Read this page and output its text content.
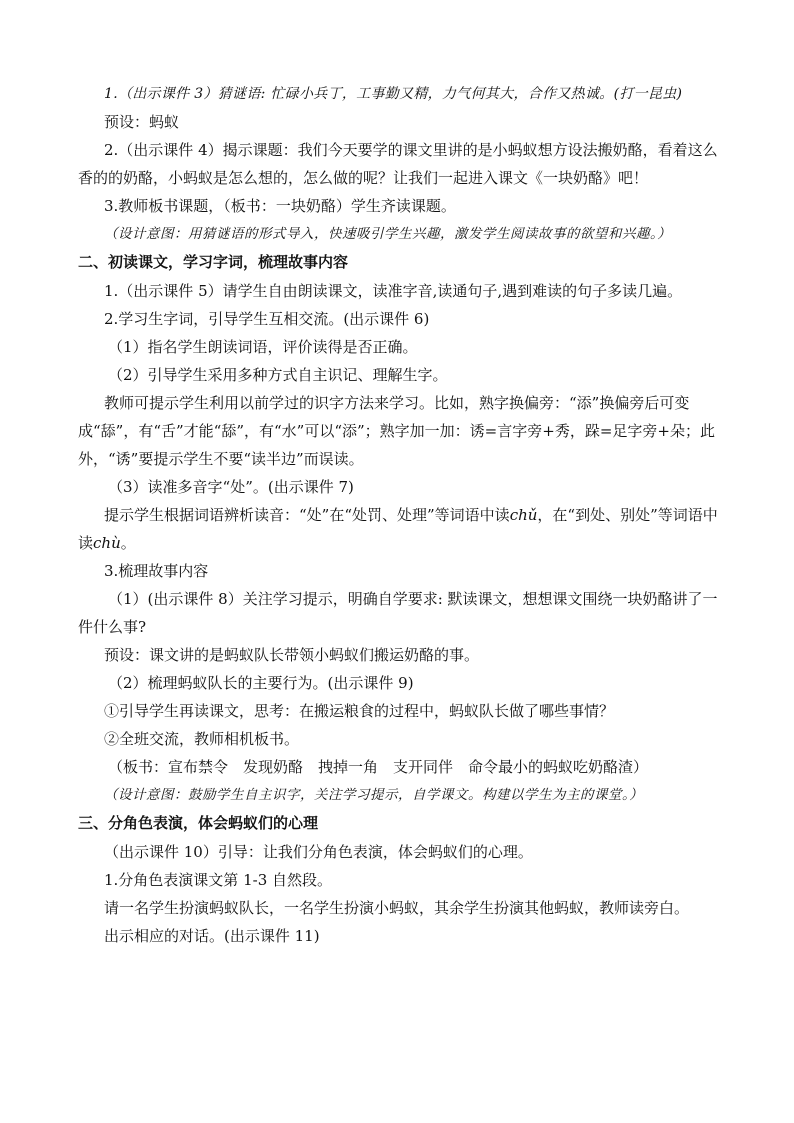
1.（出示课件 3）猜谜语: 忙碌小兵丁，工事勤又精，力气何其大，合作又热诚。(打一昆虫)

预设：蚂蚁

2.（出示课件 4）揭示课题：我们今天要学的课文里讲的是小蚂蚁想方设法搬奶酪，看着这么香的的奶酪，小蚂蚁是怎么想的，怎么做的呢？让我们一起进入课文《一块奶酪》吧！

3.教师板书课题，（板书：一块奶酪）学生齐读课题。

（设计意图：用猜谜语的形式导入，快速吸引学生兴趣，激发学生阅读故事的欲望和兴趣。）

二、初读课文，学习字词，梳理故事内容

1.（出示课件 5）请学生自由朗读课文，读准字音,读通句子,遇到难读的句子多读几遍。

2.学习生字词，引导学生互相交流。(出示课件 6)

（1）指名学生朗读词语，评价读得是否正确。

（2）引导学生采用多种方式自主识记、理解生字。

教师可提示学生利用以前学过的识字方法来学习。比如，熟字换偏旁：“添”换偏旁后可变成“舔”，有“舌”才能“舔”，有“水”可以“添”；熟字加一加：诱=言字旁+秀，跺=足字旁+朵；此外，“诱”要提示学生不要“读半边”而误读。

（3）读准多音字“处”。(出示课件 7)

提示学生根据词语辨析读音：“处”在“处罚、处理”等词语中读chǔ，在“到处、别处”等词语中读chù。

3.梳理故事内容

（1）(出示课件 8）关注学习提示，明确自学要求: 默读课文，想想课文围绕一块奶酪讲了一件什么事?

预设：课文讲的是蚂蚁队长带领小蚂蚁们搬运奶酪的事。

（2）梳理蚂蚁队长的主要行为。(出示课件 9)

①引导学生再读课文，思考：在搬运粮食的过程中，蚂蚁队长做了哪些事情？

②全班交流，教师相机板书。

（板书：宣布禁令　发现奶酪　拽掉一角　支开同伴　命令最小的蚂蚁吃奶酪渣）

（设计意图：鼓励学生自主识字，关注学习提示，自学课文。构建以学生为主的课堂。）

三、分角色表演，体会蚂蚁们的心理

（出示课件 10）引导：让我们分角色表演，体会蚂蚁们的心理。

1.分角色表演课文第 1-3 自然段。

请一名学生扮演蚂蚁队长，一名学生扮演小蚂蚁，其余学生扮演其他蚂蚁，教师读旁白。

出示相应的对话。(出示课件 11)
